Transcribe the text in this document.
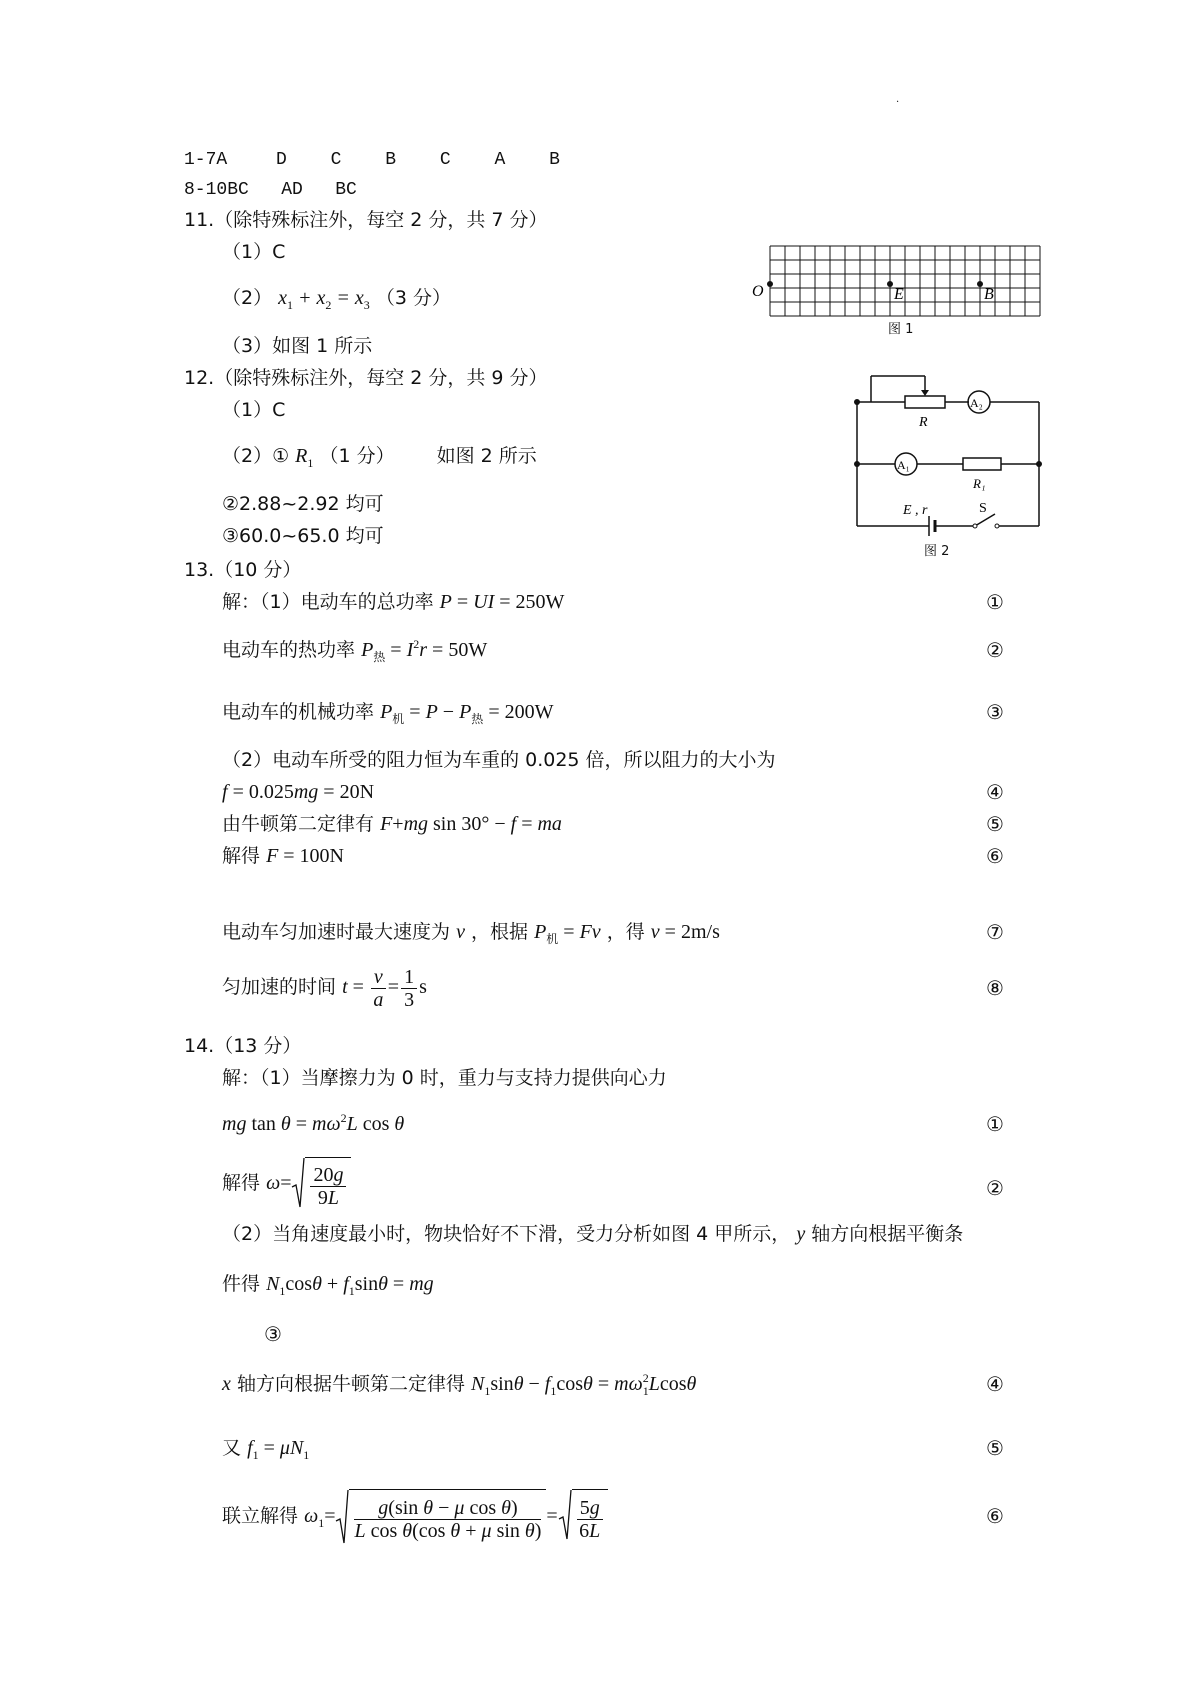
.
1-7A	D C B C A B
8-10BC   AD   BC
11.（除特殊标注外，每空 2 分，共 7 分）
（1）C
（2） $x_1 + x_2 = x_3$ （3 分）
（3）如图 1 所示
O	E	B
图 1
12.（除特殊标注外，每空 2 分，共 9 分）
（1）C
（2）① $R_1$ （1 分） 如图 2 所示
②2.88~2.92 均可
③60.0~65.0 均可
R
A₂
A₁
R₁
E , r	S
图 2
13.（10 分）
解：（1）电动车的总功率 P = UI = 250W	①
电动车的热功率 $P_热 = I^2r = 50W$	②
电动车的机械功率 $P_机 = P - P_热 = 200W$	③
（2）电动车所受的阻力恒为车重的 0.025 倍，所以阻力的大小为
f = 0.025mg = 20N	④
由牛顿第二定律有 F+mg sin 30° − f = ma	⑤
解得 F = 100N	⑥
电动车匀加速时最大速度为 v ，根据 $P_机 = Fv$ ，得 v = 2m/s	⑦
匀加速的时间 $t = \frac{v}{a} = \frac{1}{3}$ s	⑧
14.（13 分）
解：（1）当摩擦力为 0 时，重力与支持力提供向心力
mg $\tan \theta = m\omega^2L$ cos θ	①
解得 $\omega= \frac{20g}{9L}$	②
（2）当角速度最小时，物块恰好不下滑，受力分析如图 4 甲所示， y 轴方向根据平衡条
件得 $N_1\cos\theta + f_1\sin\theta$ = mg
③
x 轴方向根据牛顿第二定律得 $N_1\sin\theta - f_1\cos\theta = m\omega_1^2Lcos\theta$	④
又 $f_1 = \mu N_1$	⑤
联立解得 $\omega_1= \frac{\text{g(sin θ − μ cos θ)}}{\text{L cos θ(cos θ + μ sin θ)}} = \frac{5g}{6L}$	⑥
